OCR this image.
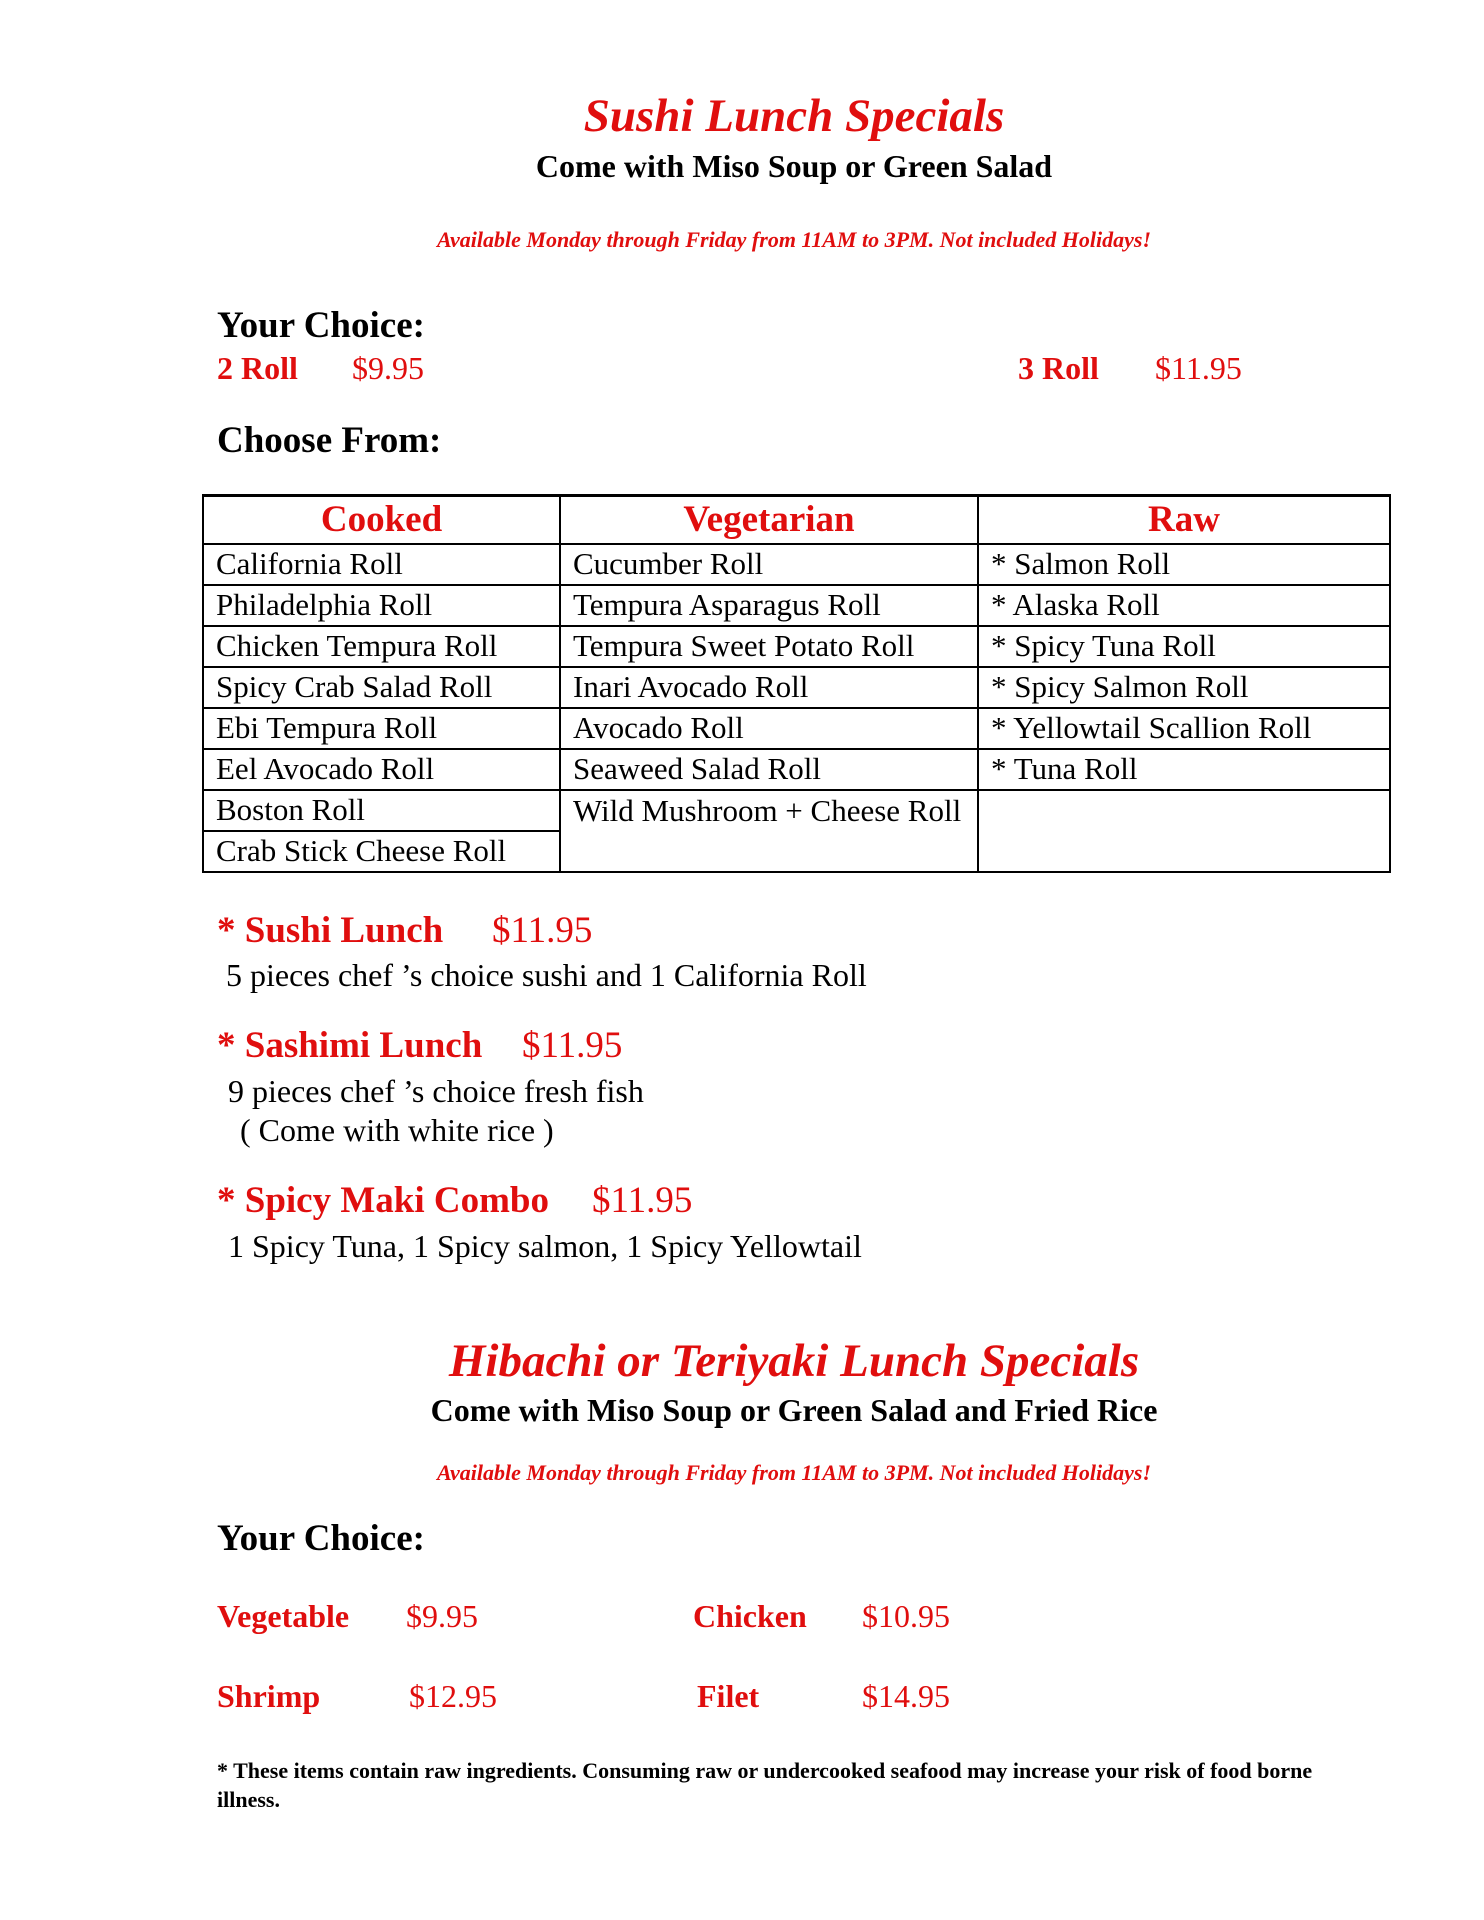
Sushi Lunch Specials
Come with Miso Soup or Green Salad
Available Monday through Friday from 11AM to 3PM. Not included Holidays!
Your Choice:
2 Roll $9.95	3 Roll $11.95
Choose From:
Cooked	Vegetarian	Raw
California Roll	Cucumber Roll	* Salmon Roll
Philadelphia Roll	Tempura Asparagus Roll	* Alaska Roll
Chicken Tempura Roll	Tempura Sweet Potato Roll	* Spicy Tuna Roll
Spicy Crab Salad Roll	Inari Avocado Roll	* Spicy Salmon Roll
Ebi Tempura Roll	Avocado Roll	* Yellowtail Scallion Roll
Eel Avocado Roll	Seaweed Salad Roll	* Tuna Roll
Boston Roll	Wild Mushroom + Cheese Roll	
Crab Stick Cheese Roll		
* Sushi Lunch $11.95
5 pieces chef ’s choice sushi and 1 California Roll
* Sashimi Lunch $11.95
9 pieces chef ’s choice fresh fish
( Come with white rice )
* Spicy Maki Combo $11.95
1 Spicy Tuna, 1 Spicy salmon, 1 Spicy Yellowtail
Hibachi or Teriyaki Lunch Specials
Come with Miso Soup or Green Salad and Fried Rice
Available Monday through Friday from 11AM to 3PM. Not included Holidays!
Your Choice:
Vegetable $9.95	Chicken $10.95
Shrimp	$12.95	Filet	$14.95
* These items contain raw ingredients. Consuming raw or undercooked seafood may increase your risk of food borne illness.
